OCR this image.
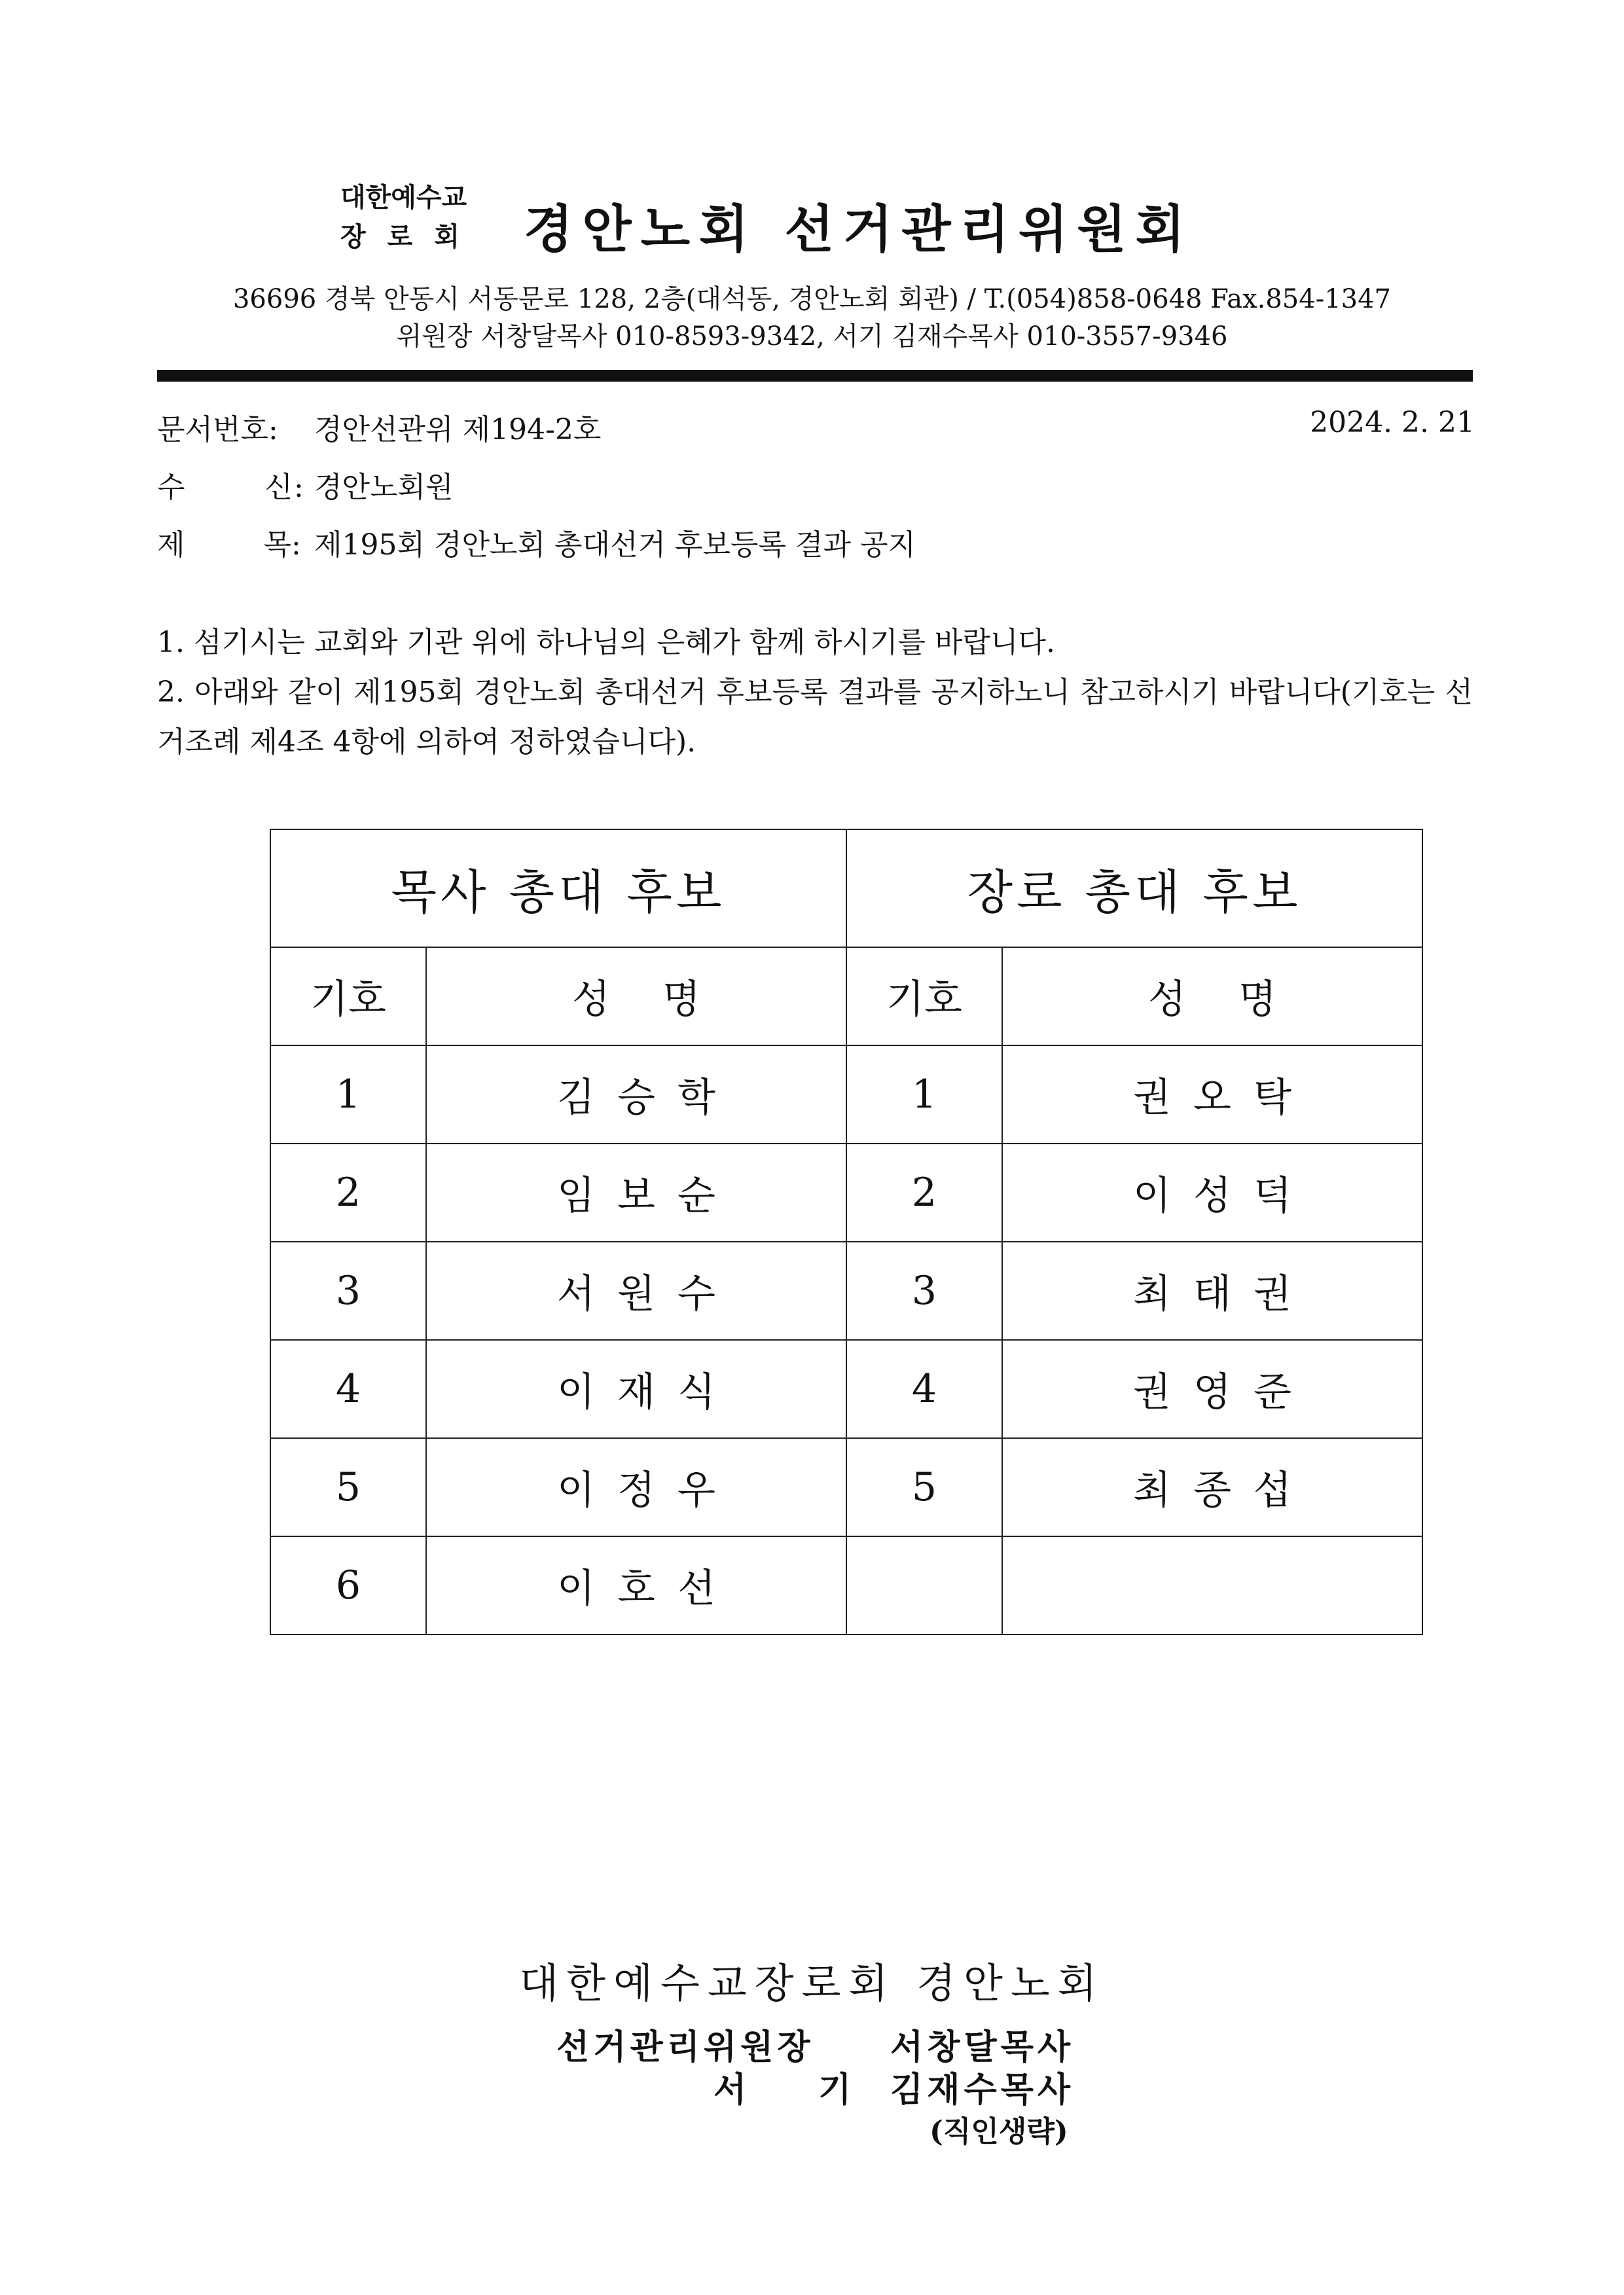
대한예수교
장로회 경안노회 선거관리위원회
36696 경북 안동시 서동문로 128, 2층(대석동, 경안노회 회관) / T.(054)858-0648 Fax.854-1347
위원장 서창달목사 010-8593-9342, 서기 김재수목사 010-3557-9346
문서번호: 경안선관위 제194-2호	2024. 2. 21
수	신: 경안노회원
제	목: 제195회 경안노회 총대선거 후보등록 결과 공지
1. 섬기시는 교회와 기관 위에 하나님의 은혜가 함께 하시기를 바랍니다.
2. 아래와 같이 제195회 경안노회 총대선거 후보등록 결과를 공지하노니 참고하시기 바랍니다(기호는 선거조례 제4조 4항에 의하여 정하였습니다).
목사 총대 후보		장로 총대 후보	
기호	성명	기호	성명
1	김승학	1	권오탁
2	임보순	2	이성덕
3	서원수	3	최태권
4	이재식	4	권영준
5	이정우	5	최종섭
6	이호선		
대한예수교장로회 경안노회
선거관리위원장 서창달목사
서기
김재수목사
(직인생략)
